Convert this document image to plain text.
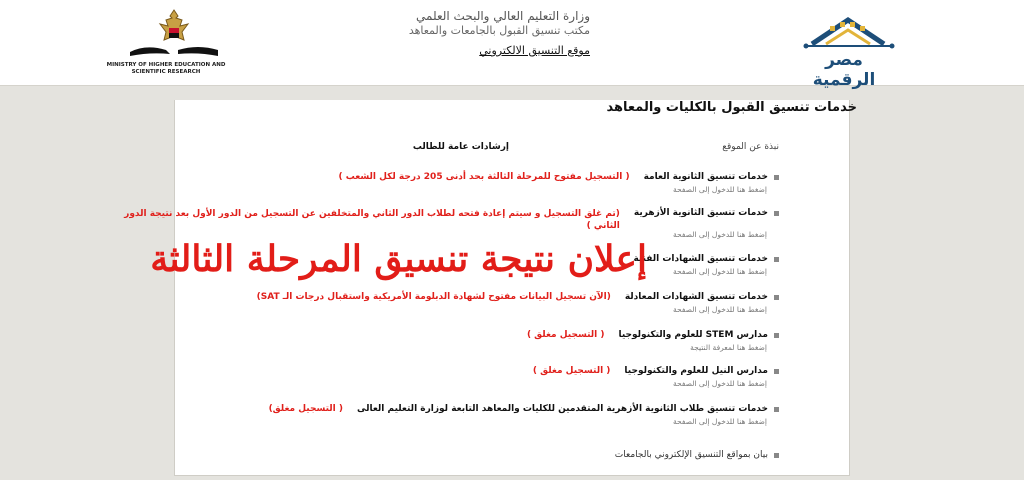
مصر الرقمية
وزارة التعليم العالي والبحث العلمي
مكتب تنسيق القبول بالجامعات والمعاهد
موقع التنسيق الالكتروني
MINISTRY OF HIGHER EDUCATION AND SCIENTIFIC RESEARCH
خدمات تنسيق القبول بالكليات والمعاهد
نبذة عن الموقع
إرشادات عامة للطالب
خدمات تنسيق الثانوية العامة
( التسجيل مفتوح للمرحلة الثالثة بحد أدنى 205 درجة لكل الشعب )
إضغط هنا للدخول إلى الصفحة
خدمات تنسيق الثانوية الأزهرية
(تم غلق التسجيل و سيتم إعادة فتحه لطلاب الدور الثاني والمتخلفين عن التسجيل من الدور الأول بعد نتيجة الدور الثاني )
إضغط هنا للدخول إلى الصفحة
خدمات تنسيق الشهادات الفنية
إضغط هنا للدخول إلى الصفحة
خدمات تنسيق الشهادات المعادلة
(الآن تسجيل البيانات مفتوح لشهادة الدبلومة الأمريكية واستقبال درجات الـ SAT)
إضغط هنا للدخول إلى الصفحة
مدارس STEM للعلوم والتكنولوجيا
( التسجيل مغلق )
إضغط هنا لمعرفة النتيجة
مدارس النيل للعلوم والتكنولوجيا
( التسجيل مغلق )
إضغط هنا للدخول إلى الصفحة
خدمات تنسيق طلاب الثانوية الأزهرية المتقدمين للكليات والمعاهد التابعة لوزارة التعليم العالى
( التسجيل مغلق)
إضغط هنا للدخول إلى الصفحة
بيان بمواقع التنسيق الإلكتروني بالجامعات
إعلان نتيجة تنسيق المرحلة الثالثة
